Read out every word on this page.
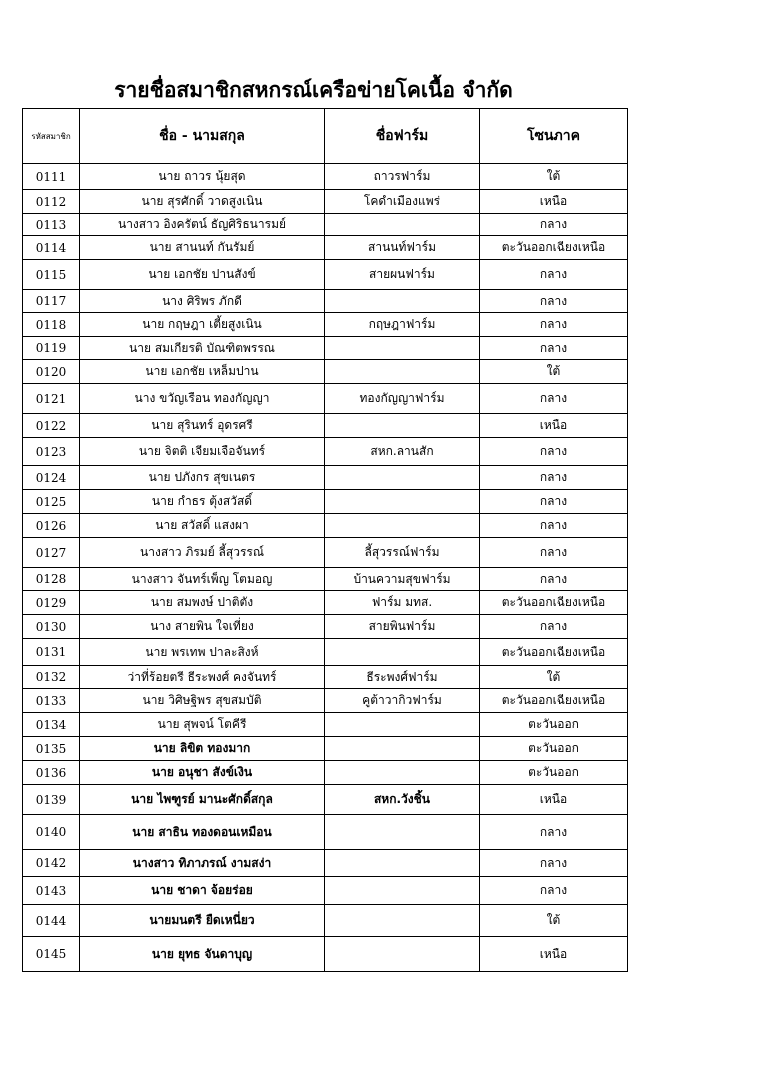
รายชื่อสมาชิกสหกรณ์เครือข่ายโคเนื้อ จำกัด
รหัสสมาชิก	ชื่อ - นามสกุล	ชื่อฟาร์ม	โซนภาค
0111	นาย ถาวร นุ้ยสุด	ถาวรฟาร์ม	ใต้
0112	นาย สุรศักดิ์ วาดสูงเนิน	โคดำเมืองแพร่	เหนือ
0113	นางสาว อิงครัตน์ ธัญศิริธนารมย์		กลาง
0114	นาย สานนท์ กันรัมย์	สานนท์ฟาร์ม	ตะวันออกเฉียงเหนือ
0115	นาย เอกชัย ปานสังข์	สายผนฟาร์ม	กลาง
0117	นาง ศิริพร ภักดี		กลาง
0118	นาย กฤษฎา เตี้ยสูงเนิน	กฤษฎาฟาร์ม	กลาง
0119	นาย สมเกียรติ บัณฑิตพรรณ		กลาง
0120	นาย เอกชัย เหล็มปาน		ใต้
0121	นาง ขวัญเรือน ทองกัญญา	ทองกัญญาฟาร์ม	กลาง
0122	นาย สุรินทร์ อุดรศรี		เหนือ
0123	นาย จิตติ เจียมเจือจันทร์	สหก.ลานสัก	กลาง
0124	นาย ปภังกร สุขเนตร		กลาง
0125	นาย กำธร ตุ้งสวัสดิ์		กลาง
0126	นาย สวัสดิ์ แสงผา		กลาง
0127	นางสาว ภิรมย์ ลี้สุวรรณ์	ลี้สุวรรณ์ฟาร์ม	กลาง
0128	นางสาว จันทร์เพ็ญ โตมอญ	บ้านความสุขฟาร์ม	กลาง
0129	นาย สมพงษ์ ปาติตัง	ฟาร์ม มทส.	ตะวันออกเฉียงเหนือ
0130	นาง สายพิน ใจเที่ยง	สายพินฟาร์ม	กลาง
0131	นาย พรเทพ ปาละสิงห์		ตะวันออกเฉียงเหนือ
0132	ว่าที่ร้อยตรี ธีระพงศ์ คงจันทร์	ธีระพงศ์ฟาร์ม	ใต้
0133	นาย วิศิษฐิพร สุขสมบัติ	คูต้าวากิวฟาร์ม	ตะวันออกเฉียงเหนือ
0134	นาย สุพจน์ โตคีรี		ตะวันออก
0135	นาย ลิขิต ทองมาก		ตะวันออก
0136	นาย อนุชา สังข์เงิน		ตะวันออก
0139	นาย ไพฑูรย์ มานะศักดิ์สกุล	สหก.วังชิ้น	เหนือ
0140	นาย สาธิน ทองดอนเหมือน		กลาง
0142	นางสาว ทิภาภรณ์ งามสง่า		กลาง
0143	นาย ชาดา จ้อยร่อย		กลาง
0144	นายมนตรี ยืดเหนี่ยว		ใต้
0145	นาย ยุทธ จันดาบุญ		เหนือ
